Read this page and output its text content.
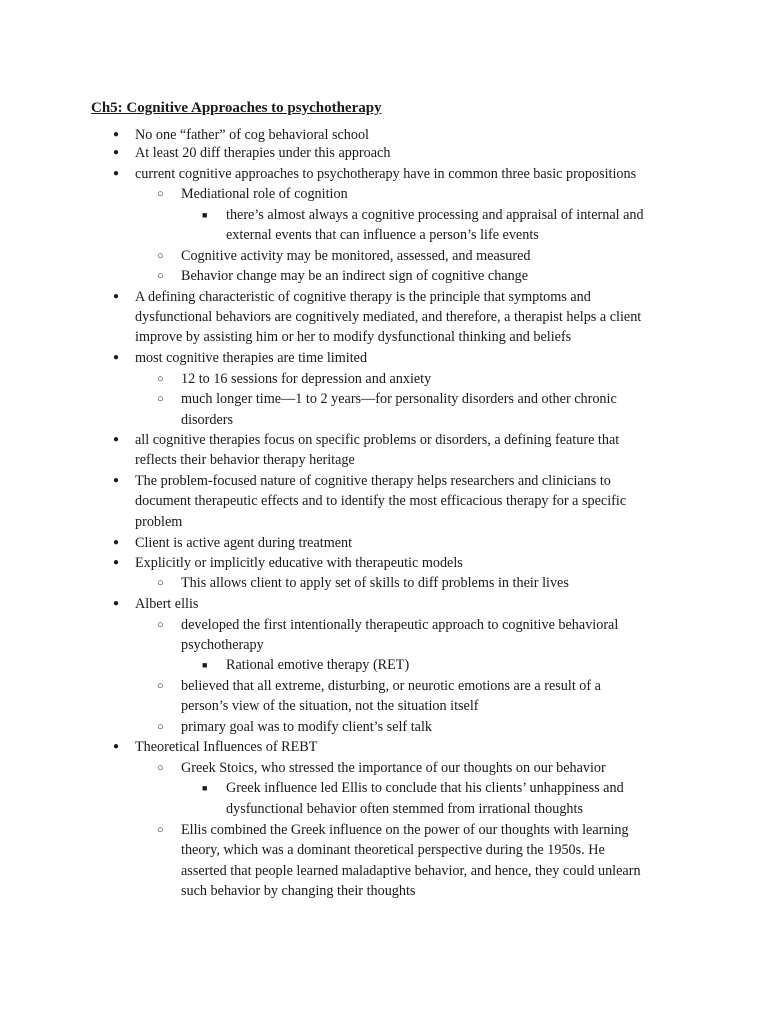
Ch5: Cognitive Approaches to psychotherapy
● No one “father” of cog behavioral school
● At least 20 diff therapies under this approach
● current cognitive approaches to psychotherapy have in common three basic propositions
○ Mediational role of cognition
■ there’s almost always a cognitive processing and appraisal of internal and
external events that can influence a person’s life events
○ Cognitive activity may be monitored, assessed, and measured
○ Behavior change may be an indirect sign of cognitive change
● A defining characteristic of cognitive therapy is the principle that symptoms and
dysfunctional behaviors are cognitively mediated, and therefore, a therapist helps a client
improve by assisting him or her to modify dysfunctional thinking and beliefs
● most cognitive therapies are time limited
○ 12 to 16 sessions for depression and anxiety
○ much longer time—1 to 2 years—for personality disorders and other chronic
disorders
● all cognitive therapies focus on specific problems or disorders, a defining feature that
reflects their behavior therapy heritage
● The problem-focused nature of cognitive therapy helps researchers and clinicians to
document therapeutic effects and to identify the most efficacious therapy for a specific
problem
● Client is active agent during treatment
● Explicitly or implicitly educative with therapeutic models
○ This allows client to apply set of skills to diff problems in their lives
● Albert ellis
○ developed the first intentionally therapeutic approach to cognitive behavioral
psychotherapy
■ Rational emotive therapy (RET)
○ believed that all extreme, disturbing, or neurotic emotions are a result of a
person’s view of the situation, not the situation itself
○ primary goal was to modify client’s self talk
● Theoretical Influences of REBT
○ Greek Stoics, who stressed the importance of our thoughts on our behavior
■ Greek influence led Ellis to conclude that his clients’ unhappiness and
dysfunctional behavior often stemmed from irrational thoughts
○ Ellis combined the Greek influence on the power of our thoughts with learning
theory, which was a dominant theoretical perspective during the 1950s. He
asserted that people learned maladaptive behavior, and hence, they could unlearn
such behavior by changing their thoughts
